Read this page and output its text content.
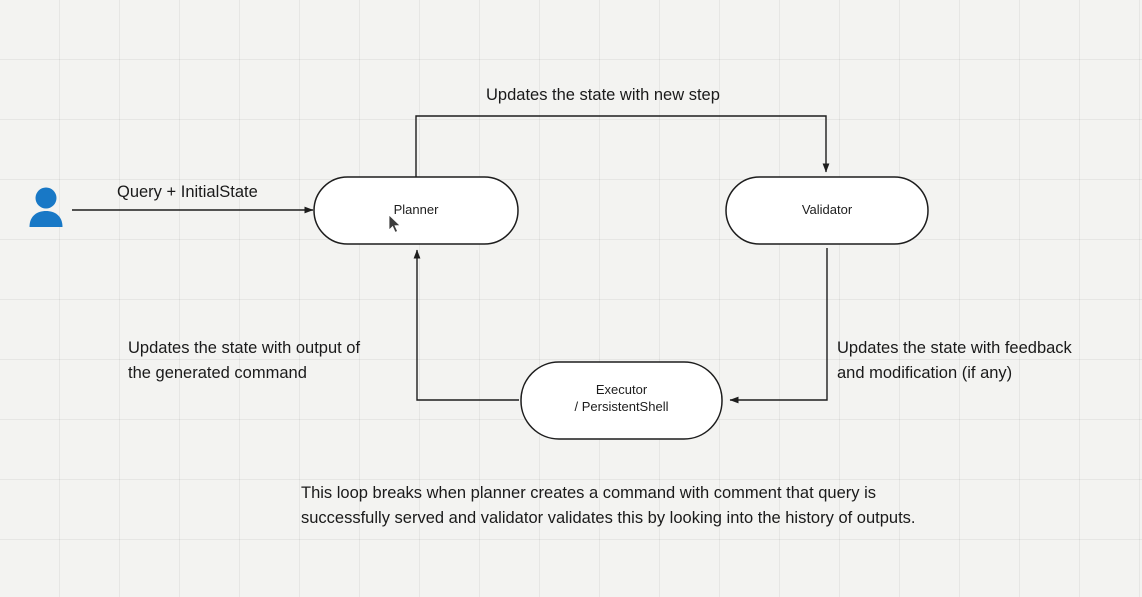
Planner	Validator
Executor
/ PersistentShell
Query + InitialState
Updates the state with new step
Updates the state with feedback
and modification (if any)
Updates the state with output of
the generated command
This loop breaks when planner creates a command with comment that query is
successfully served and validator validates this by looking into the history of outputs.
